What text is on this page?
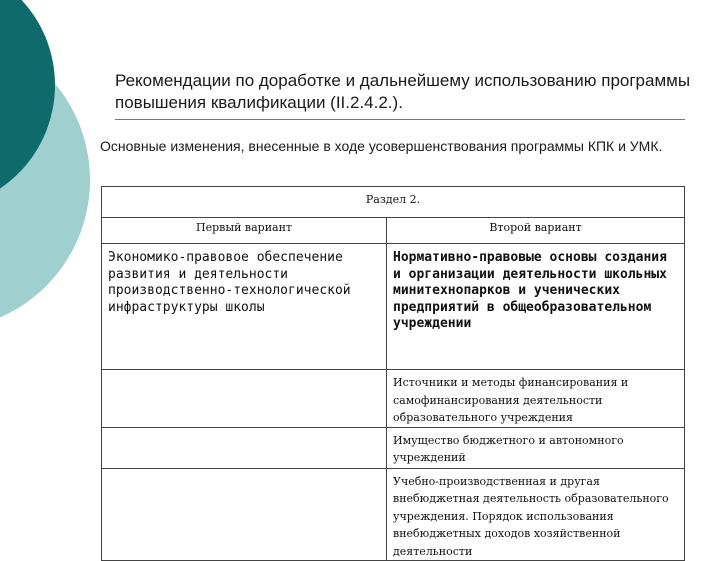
Рекомендации по доработке и дальнейшему использованию программы повышения квалификации (II.2.4.2.).
Основные изменения, внесенные в ходе усовершенствования программы КПК и УМК.
Раздел 2.	
Первый вариант	Второй вариант
Экономико-правовое обеспечение развития и деятельности производственно-технологической инфраструктуры школы	Нормативно-правовые основы создания и организации деятельности школьных минитехнопарков и ученических предприятий в общеобразовательном учреждении
	Источники и методы финансирования и самофинансирования деятельности образовательного учреждения
	Имущество бюджетного и автономного учреждений
	Учебно-производственная и другая внебюджетная деятельность образовательного учреждения. Порядок использования внебюджетных доходов хозяйственной деятельности
